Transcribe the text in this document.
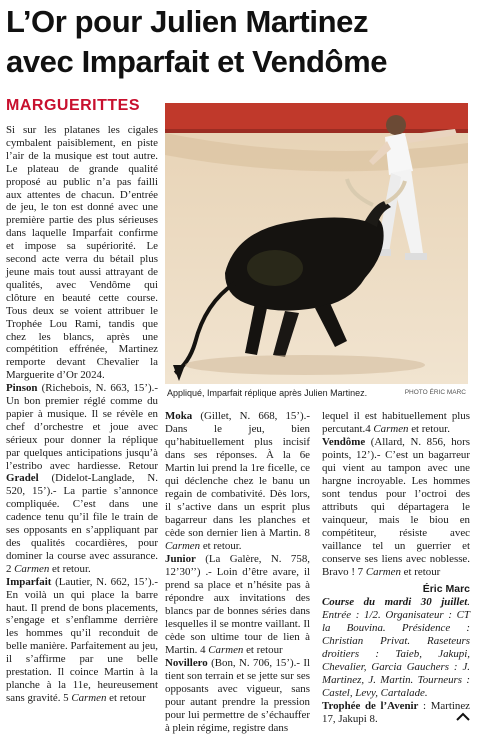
L’Or pour Julien Martinez
avec Imparfait et Vendôme
MARGUERITTES

Si sur les platanes les cigales cymbalent paisiblement, en piste l’air de la musique est tout autre. Le plateau de grande qualité proposé au public n’a pas failli aux attentes de chacun. D’entrée de jeu, le ton est donné avec une première partie des plus sérieuses dans laquelle Imparfait confirme et impose sa supériorité. Le second acte verra du bétail plus jeune mais tout aussi attrayant de qualités, avec Vendôme qui clôture en beauté cette course. Tous deux se voient attribuer le Trophée Lou Rami, tandis que chez les blancs, après une compétition effrénée, Martinez remporte devant Chevalier la Marguerite d’Or 2024.

Pinson (Richebois, N. 663, 15’).- Un bon premier réglé comme du papier à musique. Il se révèle en chef d’orchestre et joue avec sérieux pour donner la réplique par quelques anticipations jusqu’à l’estribo avec hardiesse. Retour Gradel (Didelot-Langlade, N. 520, 15’).- La partie s’annonce compliquée. C’est dans une cadence tenu qu’il file le train de ses opposants en s’appliquant par des qualités cocardières, pour dominer la course avec assurance. 2 Carmen et retour.

Imparfait (Lautier, N. 662, 15’).- En voilà un qui place la barre haut. Il prend de bons placements, s’engage et s’enflamme derrière les hommes qu’il reconduit de belle manière. Parfaitement au jeu, il s’affirme par une belle prestation. Il coince Martin à la planche à la 11e, heureusement sans gravité. 5 Carmen et retour

Appliqué, Imparfait réplique après Julien Martinez.	PHOTO ÉRIC MARC

Moka (Gillet, N. 668, 15’).- Dans le jeu, bien qu’habituellement plus incisif dans ses réponses. À la 6e Martin lui prend la 1re ficelle, ce qui déclenche chez le banu un regain de combativité. Dès lors, il s’active dans un esprit plus bagarreur dans les planches et cède son dernier lien à Martin. 8 Carmen et retour.

Junior (La Galère, N. 758, 12’30’’) .- Loin d’être avare, il prend sa place et n’hésite pas à répondre aux invitations des blancs par de bonnes séries dans lesquelles il se montre vaillant. Il cède son ultime tour de lien à Martin. 4 Carmen et retour

Novillero (Bon, N. 706, 15’).- Il tient son terrain et se jette sur ses opposants avec vigueur, sans pour autant prendre la pression pour lui permettre de s’échauffer à plein régime, registre dans

lequel il est habituellement plus percutant.4 Carmen et retour.

Vendôme (Allard, N. 856, hors points, 12’).- C’est un bagarreur qui vient au tampon avec une hargne incroyable. Les hommes sont tendus pour l’octroi des attributs qui départagera le vainqueur, mais le biou en compétiteur, résiste avec vaillance tel un guerrier et conserve ses liens avec noblesse. Bravo ! 7 Carmen et retour

Éric Marc

Course du mardi 30 juillet. Entrée : 1/2. Organisateur : CT la Bouvina. Présidence : Christian Privat. Raseteurs droitiers : Taieb, Jakupi, Chevalier, Garcia Gauchers : J. Martinez, J. Martin. Tourneurs : Castel, Levy, Cartalade.

Trophée de l’Avenir : Martinez 17, Jakupi 8.
